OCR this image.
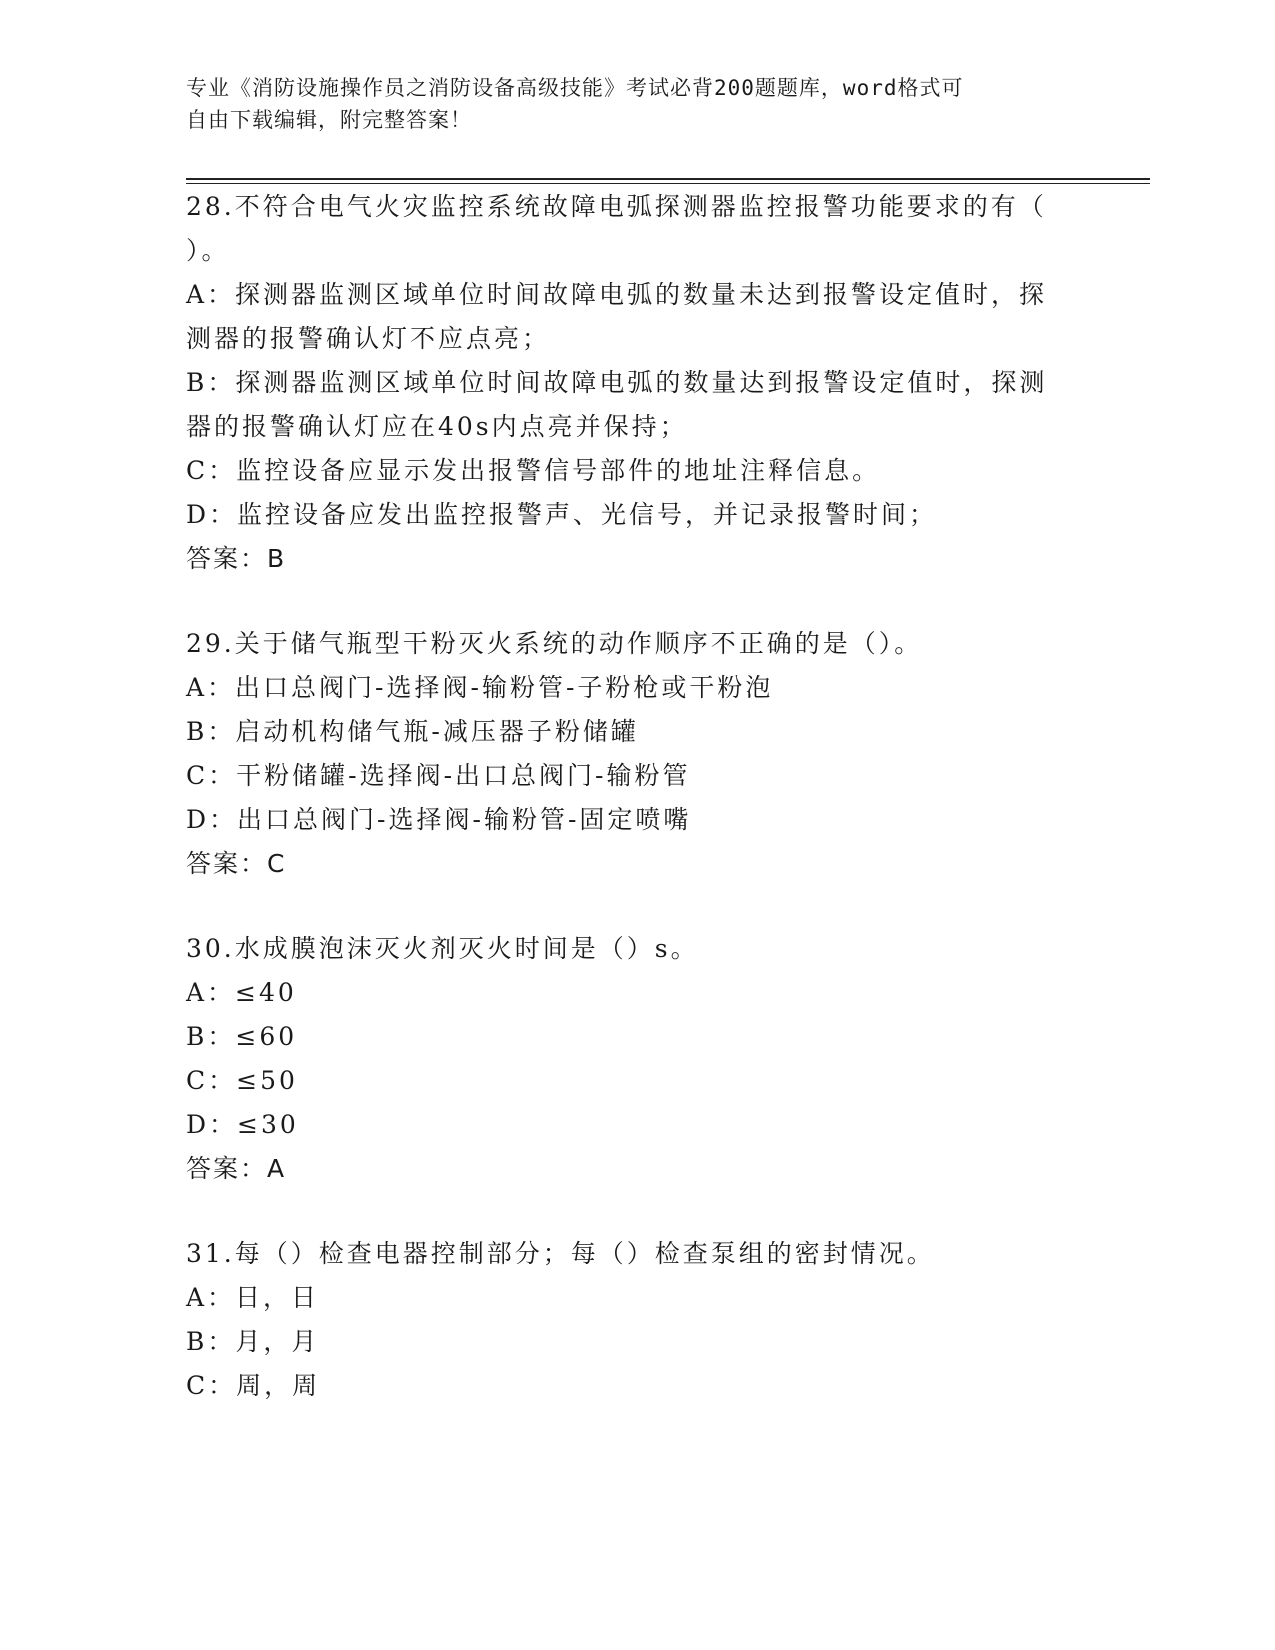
专业《消防设施操作员之消防设备高级技能》考试必背200题题库，word格式可
自由下载编辑，附完整答案！
28.不符合电气火灾监控系统故障电弧探测器监控报警功能要求的有（
）。
A：探测器监测区域单位时间故障电弧的数量未达到报警设定值时，探
测器的报警确认灯不应点亮；
B：探测器监测区域单位时间故障电弧的数量达到报警设定值时，探测
器的报警确认灯应在40s内点亮并保持；
C：监控设备应显示发出报警信号部件的地址注释信息。
D：监控设备应发出监控报警声、光信号，并记录报警时间；
答案：B
29.关于储气瓶型干粉灭火系统的动作顺序不正确的是（）。
A：出口总阀门-选择阀-输粉管-子粉枪或干粉泡
B：启动机构储气瓶-减压器子粉储罐
C：干粉储罐-选择阀-出口总阀门-输粉管
D：出口总阀门-选择阀-输粉管-固定喷嘴
答案：C
30.水成膜泡沫灭火剂灭火时间是（）s。
A：≤40
B：≤60
C：≤50
D：≤30
答案：A
31.每（）检查电器控制部分；每（）检查泵组的密封情况。
A：日，日
B：月，月
C：周，周
